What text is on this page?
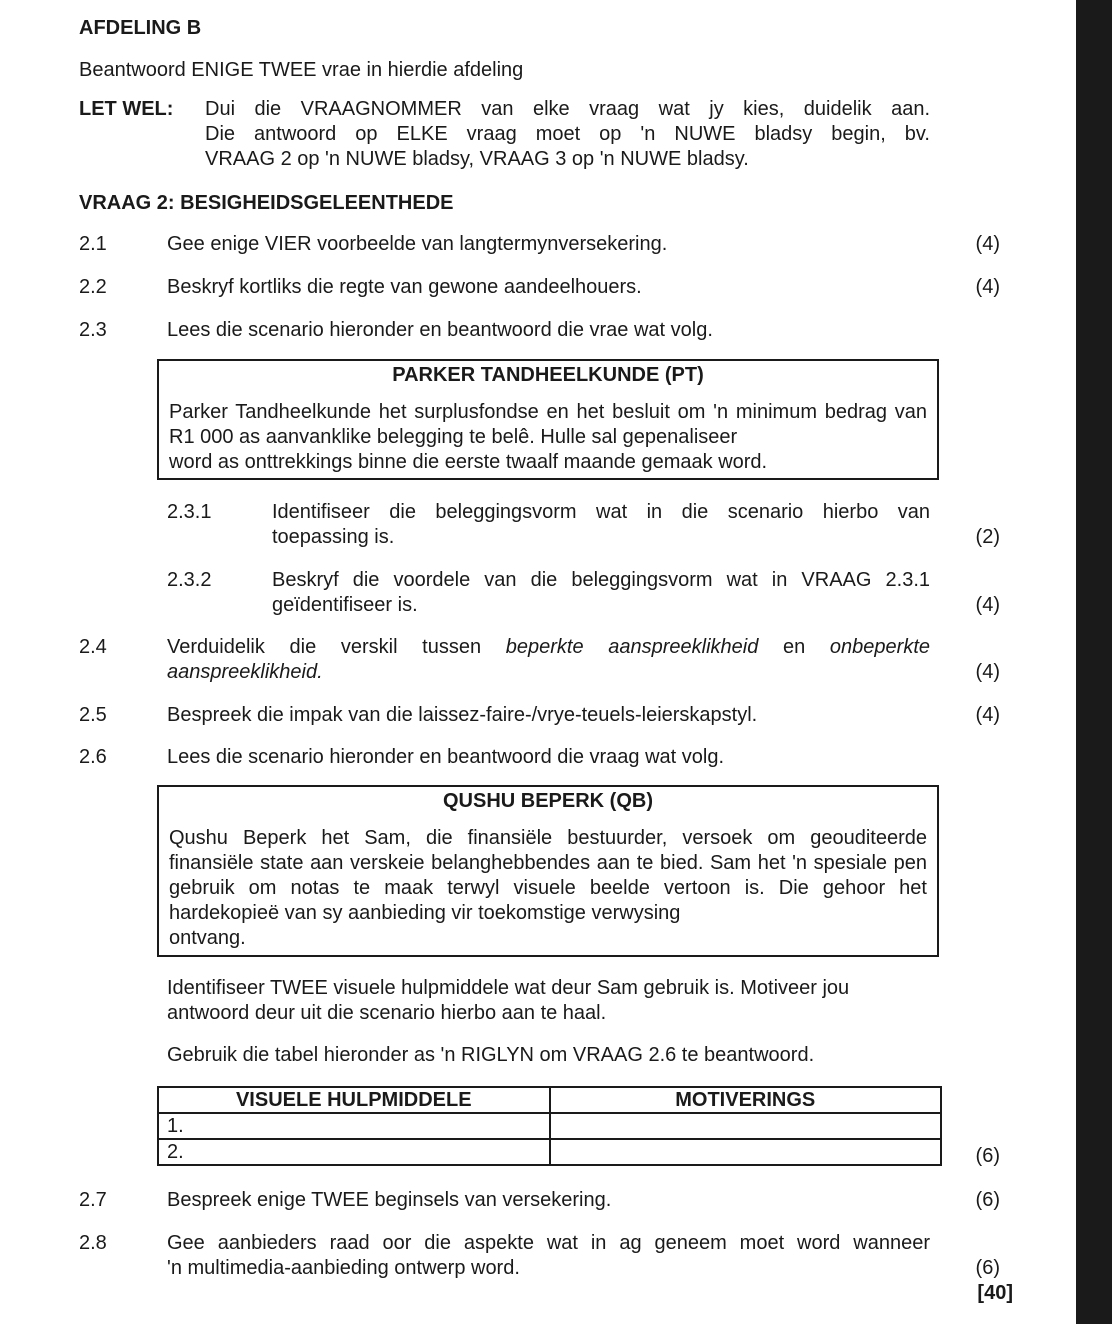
AFDELING B
Beantwoord ENIGE TWEE vrae in hierdie afdeling
LET WEL: Dui die VRAAGNOMMER van elke vraag wat jy kies, duidelik aan.
Die antwoord op ELKE vraag moet op 'n NUWE bladsy begin, bv.
VRAAG 2 op 'n NUWE bladsy, VRAAG 3 op 'n NUWE bladsy.
VRAAG 2: BESIGHEIDSGELEENTHEDE
2.1	Gee enige VIER voorbeelde van langtermynversekering.	(4)
2.2	Beskryf kortliks die regte van gewone aandeelhouers.	(4)
2.3	Lees die scenario hieronder en beantwoord die vrae wat volg.
PARKER TANDHEELKUNDE (PT)
Parker Tandheelkunde het surplusfondse en het besluit om 'n minimum bedrag van R1 000 as aanvanklike belegging te belê. Hulle sal gepenaliseer
word as onttrekkings binne die eerste twaalf maande gemaak word.
2.3.1	Identifiseer die beleggingsvorm wat in die scenario hierbo van
toepassing is.	(2)
2.3.2	Beskryf die voordele van die beleggingsvorm wat in VRAAG 2.3.1
geïdentifiseer is.	(4)
2.4	Verduidelik die verskil tussen beperkte aanspreeklikheid en onbeperkte
aanspreeklikheid.	(4)
2.5	Bespreek die impak van die laissez-faire-/vrye-teuels-leierskapstyl.	(4)
2.6	Lees die scenario hieronder en beantwoord die vraag wat volg.
QUSHU BEPERK (QB)
Qushu Beperk het Sam, die finansiële bestuurder, versoek om geouditeerde finansiële state aan verskeie belanghebbendes aan te bied. Sam het 'n spesiale pen gebruik om notas te maak terwyl visuele beelde vertoon is. Die gehoor het hardekopieë van sy aanbieding vir toekomstige verwysing
ontvang.
Identifiseer TWEE visuele hulpmiddele wat deur Sam gebruik is. Motiveer jou
antwoord deur uit die scenario hierbo aan te haal.
Gebruik die tabel hieronder as 'n RIGLYN om VRAAG 2.6 te beantwoord.
VISUELE HULPMIDDELE	MOTIVERINGS
1.	
2.		(6)
2.7	Bespreek enige TWEE beginsels van versekering.	(6)
2.8	Gee aanbieders raad oor die aspekte wat in ag geneem moet word wanneer
'n multimedia-aanbieding ontwerp word.	(6)
[40]
